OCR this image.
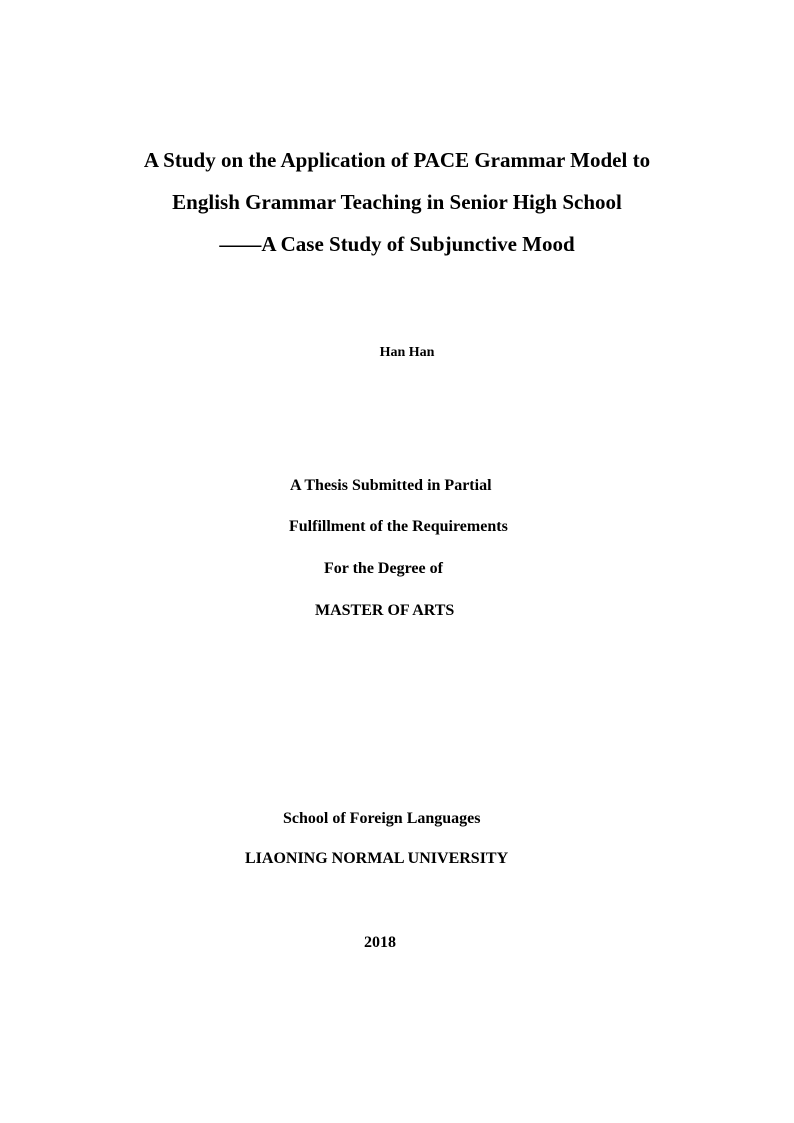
A Study on the Application of PACE Grammar Model to
English Grammar Teaching in Senior High School
——A Case Study of Subjunctive Mood
Han Han
A Thesis Submitted in Partial
Fulfillment of the Requirements
For the Degree of
MASTER OF ARTS
School of Foreign Languages
LIAONING NORMAL UNIVERSITY
2018
